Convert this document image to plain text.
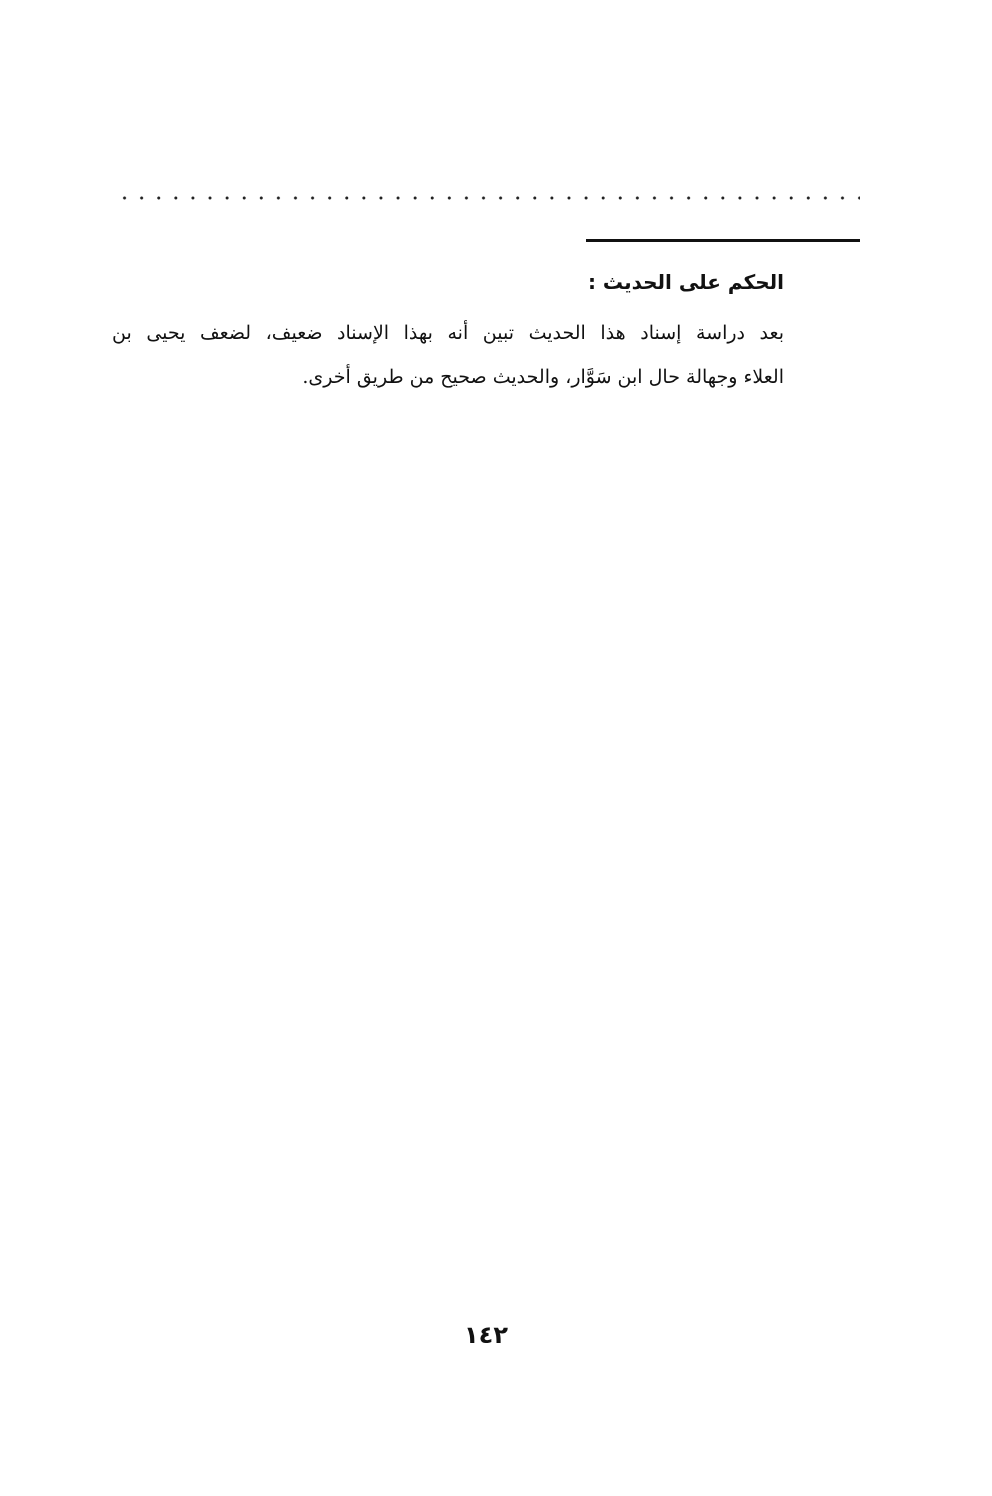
الحكم على الحديث :
بعد دراسة إسناد هذا الحديث تبين أنه بهذا الإسناد ضعيف، لضعف يحيى بن
العلاء وجهالة حال ابن سَوَّار، والحديث صحيح من طريق أخرى.
١٤٢
